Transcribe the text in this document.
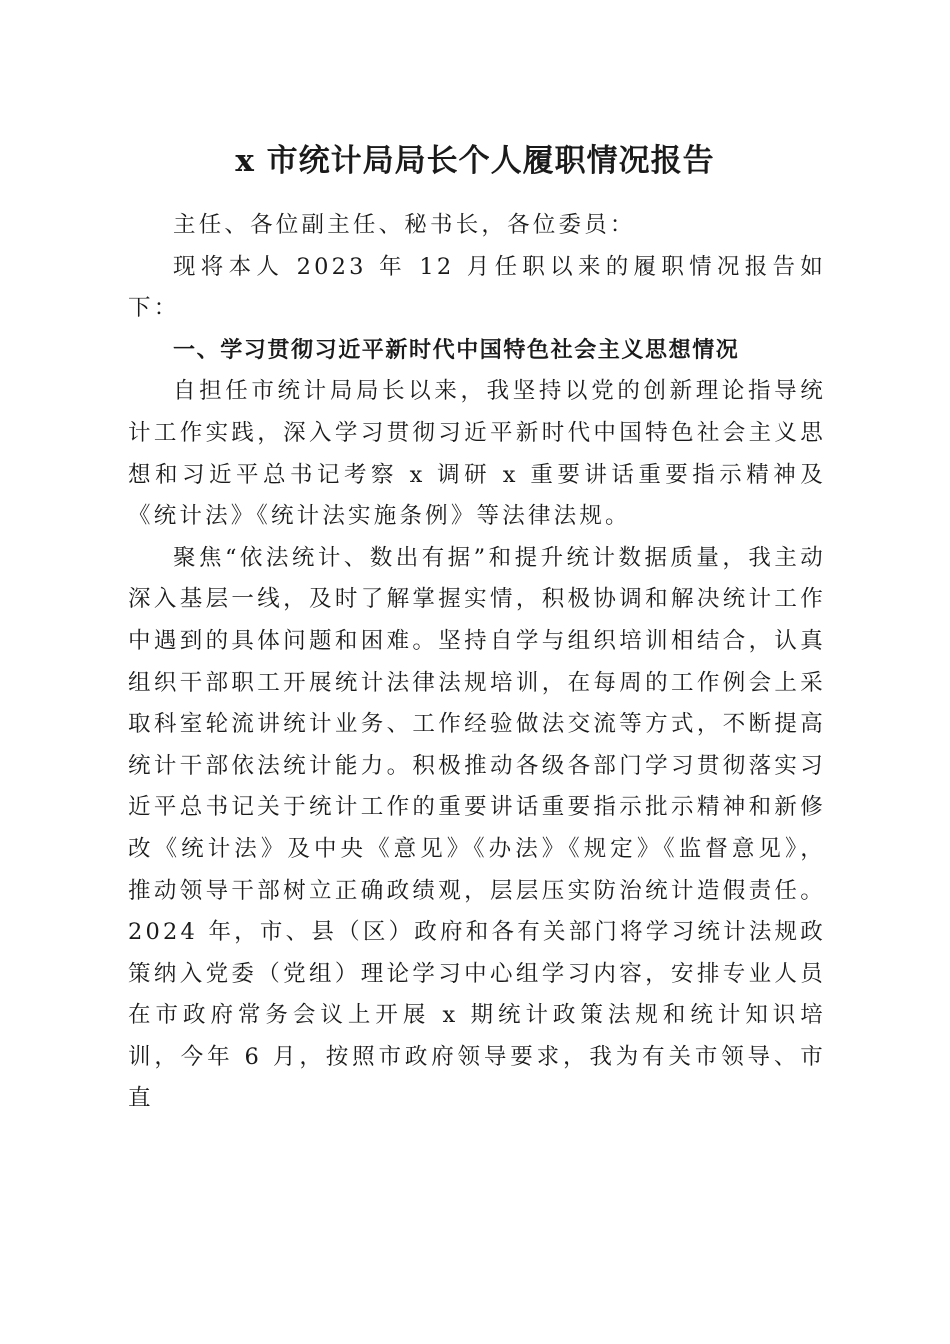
x 市统计局局长个人履职情况报告

主任、各位副主任、秘书长，各位委员：

现将本人 2023 年 12 月任职以来的履职情况报告如下：

一、学习贯彻习近平新时代中国特色社会主义思想情况

自担任市统计局局长以来，我坚持以党的创新理论指导统计工作实践，深入学习贯彻习近平新时代中国特色社会主义思想和习近平总书记考察 x 调研 x 重要讲话重要指示精神及《统计法》《统计法实施条例》等法律法规。

聚焦“依法统计、数出有据”和提升统计数据质量，我主动深入基层一线，及时了解掌握实情，积极协调和解决统计工作中遇到的具体问题和困难。坚持自学与组织培训相结合，认真组织干部职工开展统计法律法规培训，在每周的工作例会上采取科室轮流讲统计业务、工作经验做法交流等方式，不断提高统计干部依法统计能力。积极推动各级各部门学习贯彻落实习近平总书记关于统计工作的重要讲话重要指示批示精神和新修改《统计法》及中央《意见》《办法》《规定》《监督意见》，推动领导干部树立正确政绩观，层层压实防治统计造假责任。2024 年，市、县（区）政府和各有关部门将学习统计法规政策纳入党委（党组）理论学习中心组学习内容，安排专业人员在市政府常务会议上开展 x 期统计政策法规和统计知识培训，今年 6 月，按照市政府领导要求，我为有关市领导、市直
